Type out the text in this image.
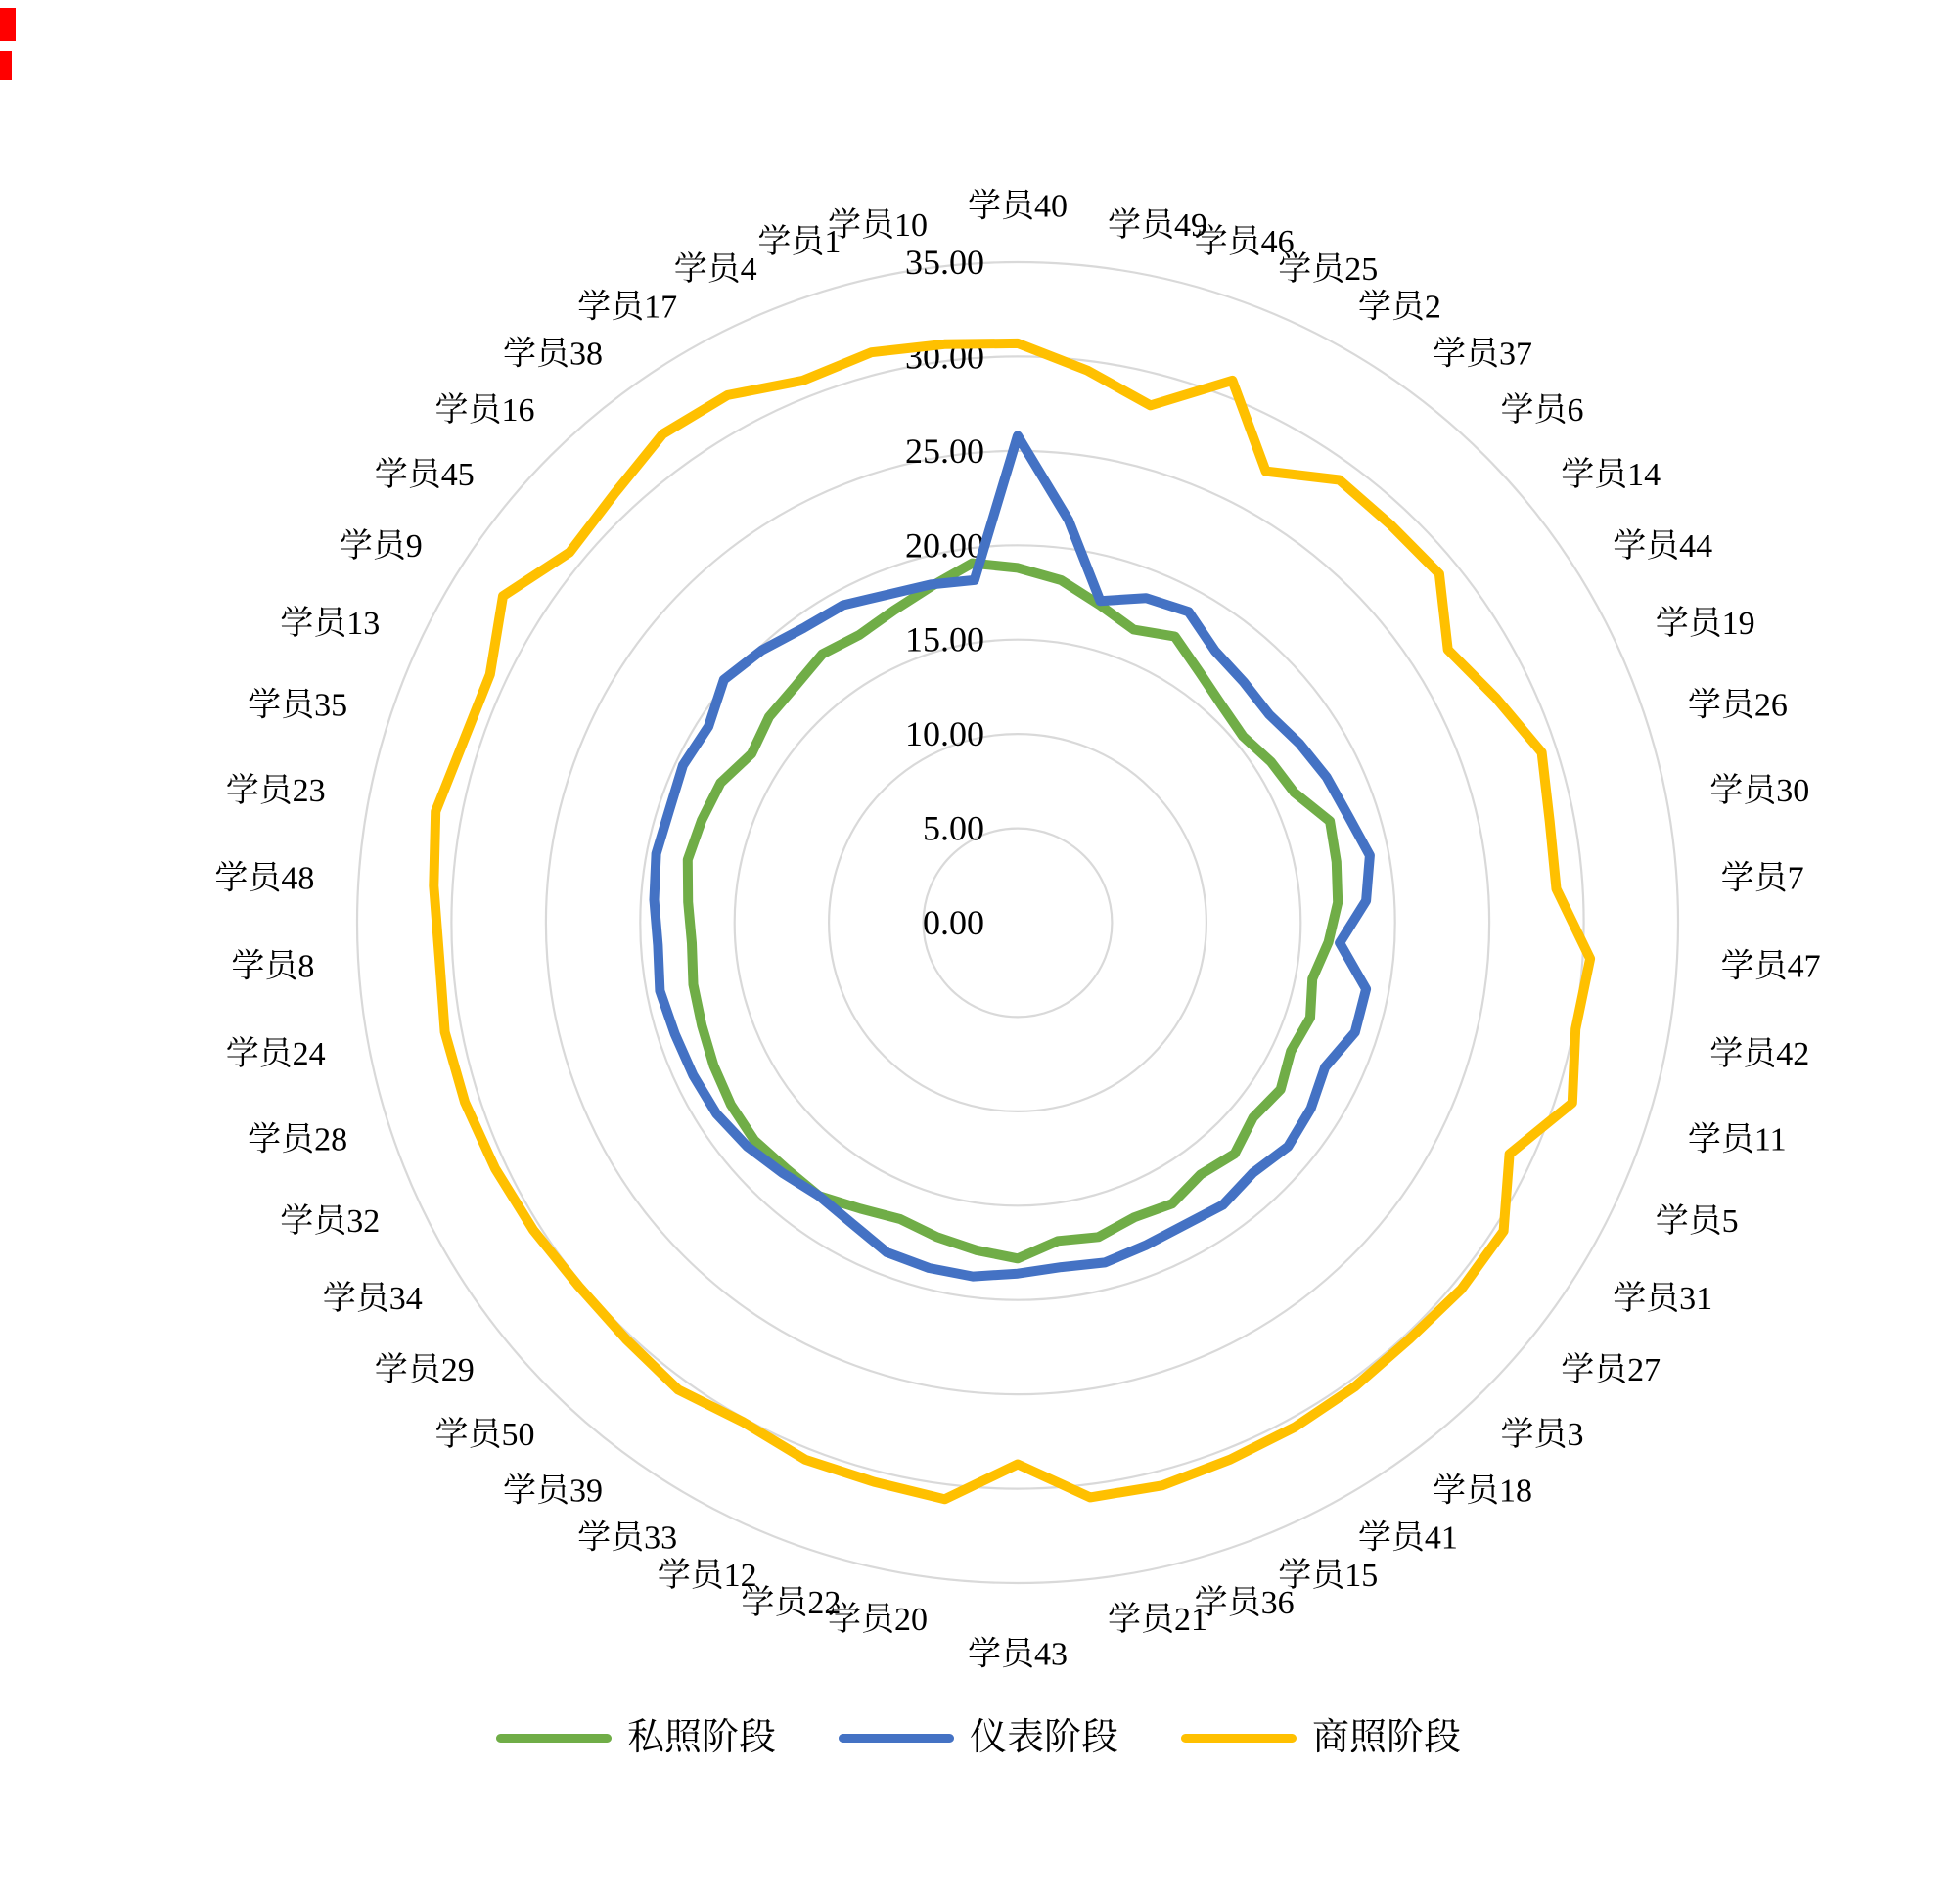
0.00
5.00
10.00
15.00
20.00
25.00
30.00
35.00
学员40
学员49
学员46
学员25
学员2
学员37
学员6
学员14
学员44
学员19
学员26
学员30
学员7
学员47
学员42
学员11
学员5
学员31
学员27
学员3
学员18
学员41
学员15
学员36
学员21
学员43
学员20
学员22
学员12
学员33
学员39
学员50
学员29
学员34
学员32
学员28
学员24
学员8
学员48
学员23
学员35
学员13
学员9
学员45
学员16
学员38
学员17
学员4
学员1
学员10
私照阶段	仪表阶段	商照阶段
